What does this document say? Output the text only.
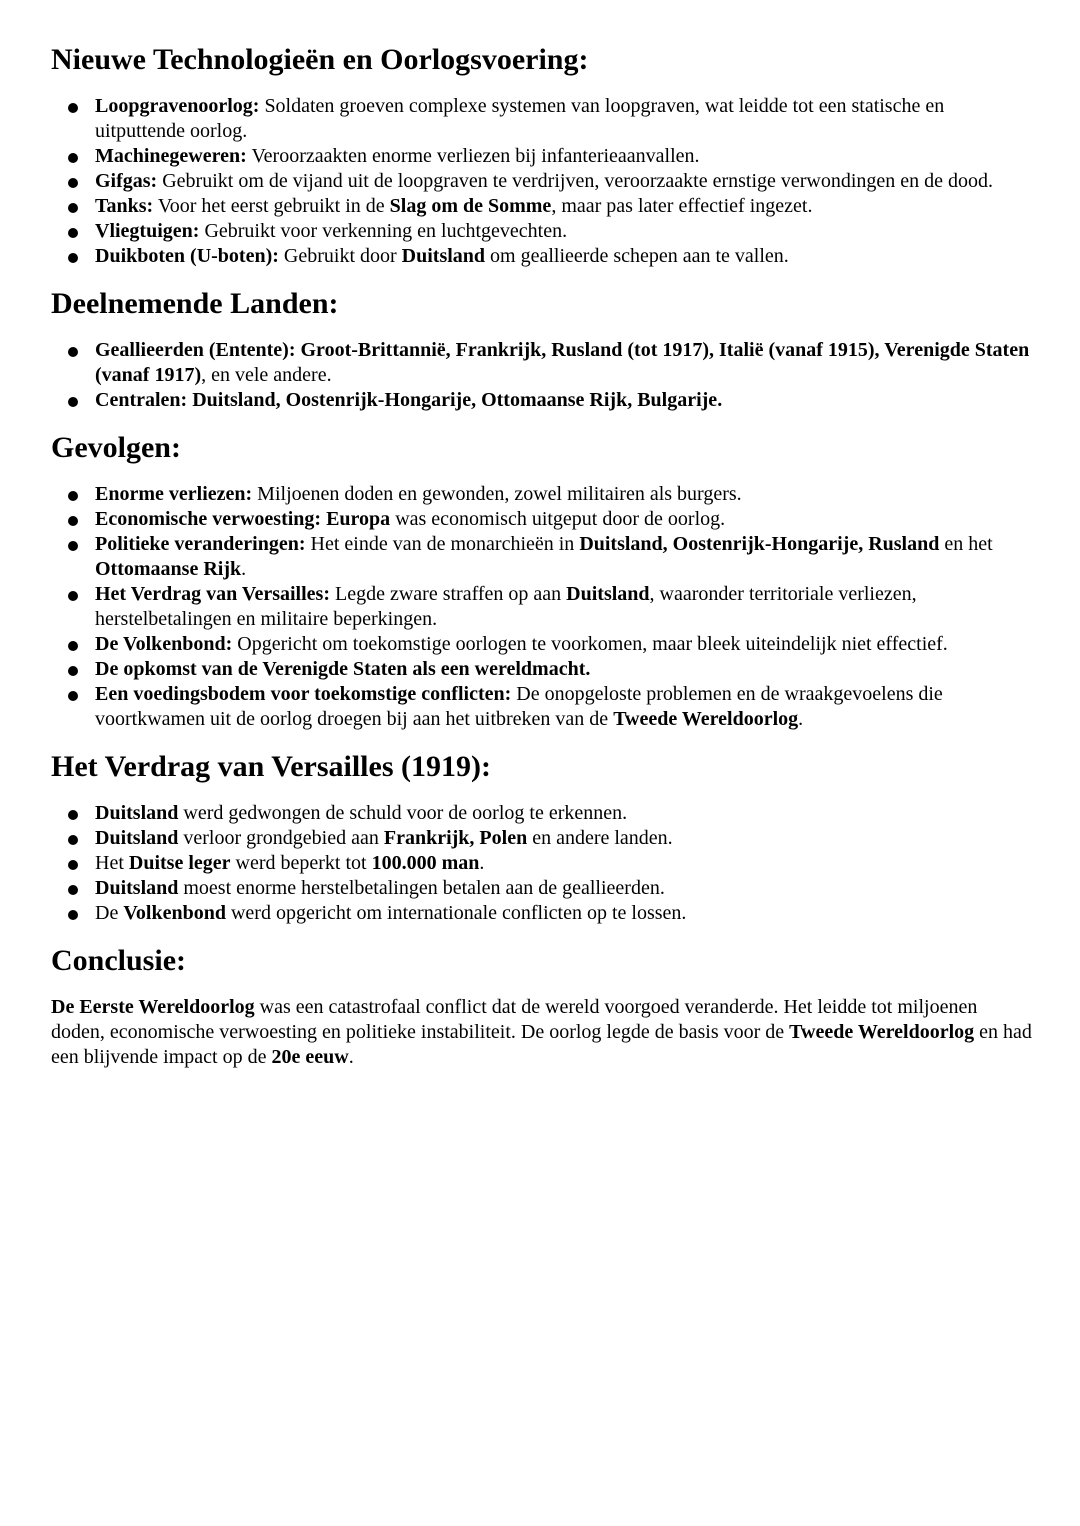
Nieuwe Technologieën en Oorlogsvoering:
Loopgravenoorlog: Soldaten groeven complexe systemen van loopgraven, wat leidde tot een statische en uitputtende oorlog.
Machinegeweren: Veroorzaakten enorme verliezen bij infanterieaanvallen.
Gifgas: Gebruikt om de vijand uit de loopgraven te verdrijven, veroorzaakte ernstige verwondingen en de dood.
Tanks: Voor het eerst gebruikt in de Slag om de Somme, maar pas later effectief ingezet.
Vliegtuigen: Gebruikt voor verkenning en luchtgevechten.
Duikboten (U-boten): Gebruikt door Duitsland om geallieerde schepen aan te vallen.
Deelnemende Landen:
Geallieerden (Entente): Groot-Brittannië, Frankrijk, Rusland (tot 1917), Italië (vanaf 1915), Verenigde Staten (vanaf 1917), en vele andere.
Centralen: Duitsland, Oostenrijk-Hongarije, Ottomaanse Rijk, Bulgarije.
Gevolgen:
Enorme verliezen: Miljoenen doden en gewonden, zowel militairen als burgers.
Economische verwoesting: Europa was economisch uitgeput door de oorlog.
Politieke veranderingen: Het einde van de monarchieën in Duitsland, Oostenrijk-Hongarije, Rusland en het Ottomaanse Rijk.
Het Verdrag van Versailles: Legde zware straffen op aan Duitsland, waaronder territoriale verliezen, herstelbetalingen en militaire beperkingen.
De Volkenbond: Opgericht om toekomstige oorlogen te voorkomen, maar bleek uiteindelijk niet effectief.
De opkomst van de Verenigde Staten als een wereldmacht.
Een voedingsbodem voor toekomstige conflicten: De onopgeloste problemen en de wraakgevoelens die voortkwamen uit de oorlog droegen bij aan het uitbreken van de Tweede Wereldoorlog.
Het Verdrag van Versailles (1919):
Duitsland werd gedwongen de schuld voor de oorlog te erkennen.
Duitsland verloor grondgebied aan Frankrijk, Polen en andere landen.
Het Duitse leger werd beperkt tot 100.000 man.
Duitsland moest enorme herstelbetalingen betalen aan de geallieerden.
De Volkenbond werd opgericht om internationale conflicten op te lossen.
Conclusie:

De Eerste Wereldoorlog was een catastrofaal conflict dat de wereld voorgoed veranderde. Het leidde tot miljoenen doden, economische verwoesting en politieke instabiliteit. De oorlog legde de basis voor de Tweede Wereldoorlog en had een blijvende impact op de 20e eeuw.
